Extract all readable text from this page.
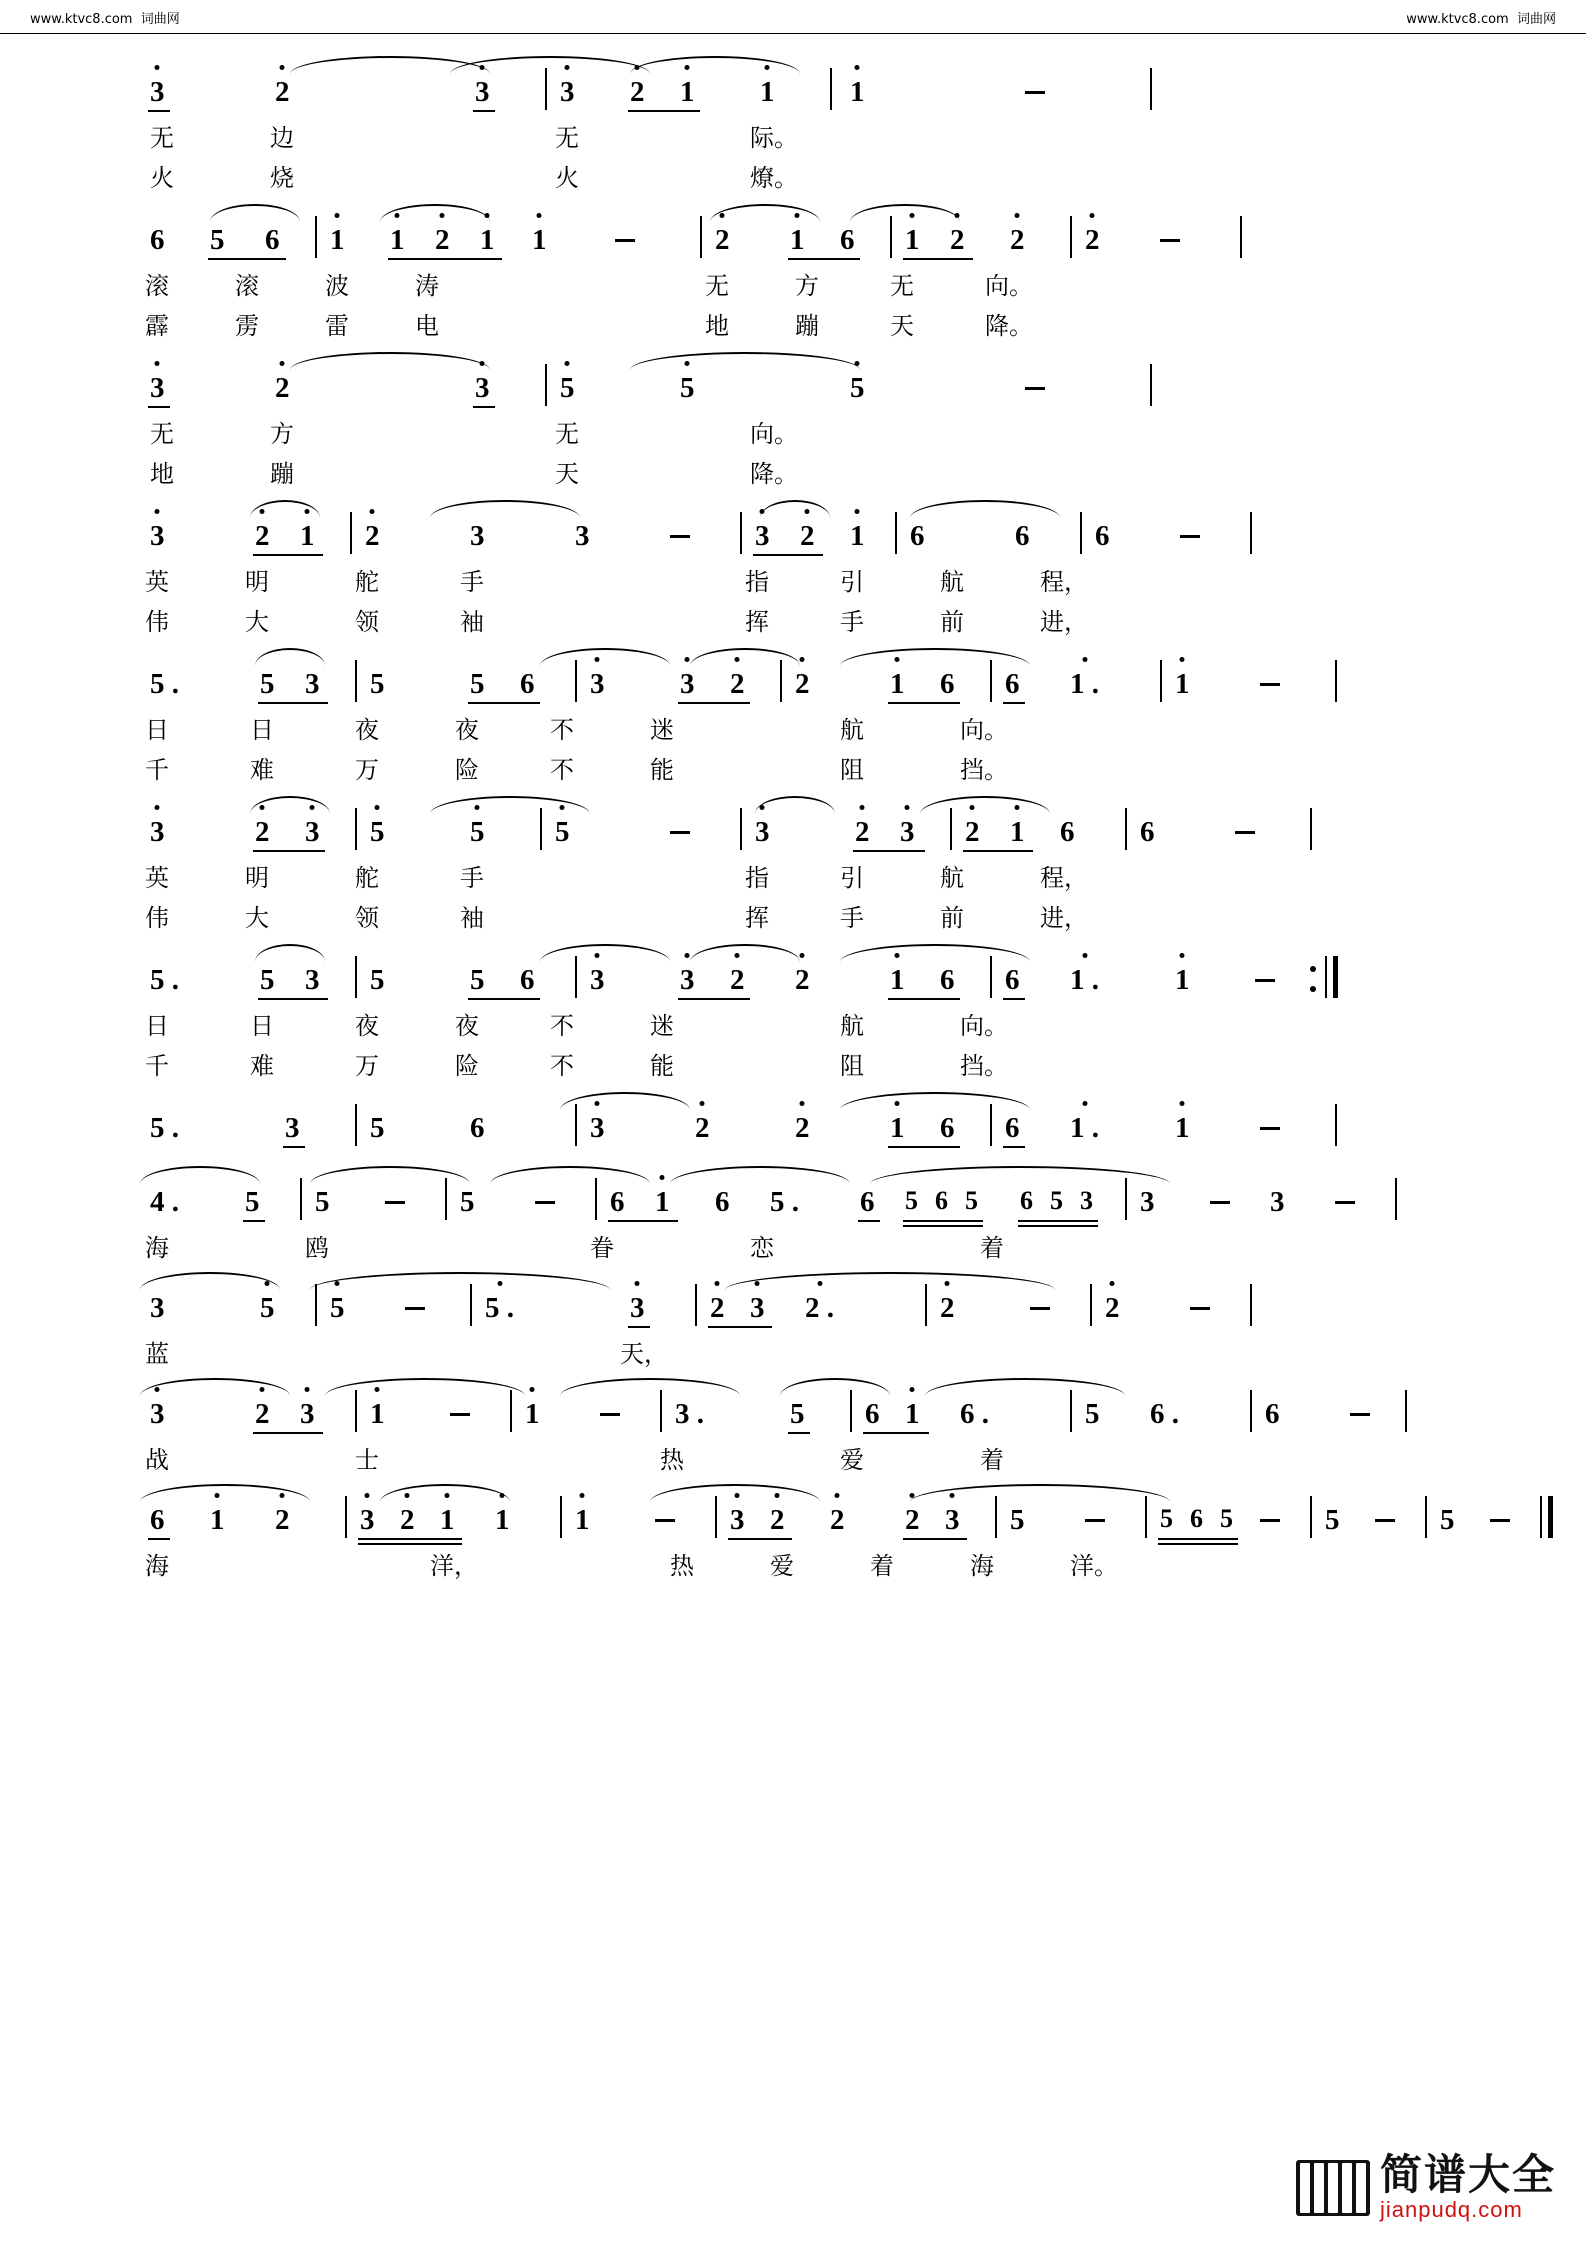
www.ktvc8.com 词曲网	www.ktvc8.com 词曲网
3	2	3 3 2 1 1	1
无	边	无	际。
火	烧	火	燎。
6 5 6 1 1 2 1 1	2 1 6 1 2 2 2
滚	滚	波	涛	无	方	无	向。
霹	雳	雷	电	地	蹦	天	降。
3	2	3 5	5	5
无	方	无	向。
地	蹦	天	降。
3	2 1 2	3	3	3 2 1 6	6 6
英	明	舵	手	指	引	航	程，
伟	大	领	袖	挥	手	前	进，
5 .	5 3 5	5 6 3	3 2 2	1 6 6 1 .	1
日	日	夜	夜	不	迷	航	向。
千	难	万	险	不	能	阻	挡。
3	2 3 5	5 5	3	2 3 2 1 6 6
英	明	舵	手	指	引	航	程，
伟	大	领	袖	挥	手	前	进，
5 .	5 3 5	5 6 3	3 2 2	1 6 6 1 .	1
日	日	夜	夜	不	迷	航	向。
千	难	万	险	不	能	阻	挡。
5 .	3 5	6	3	2	2	1 6 6 1 .	1
4 . 5 5	5	6 1 6 5 . 6 5 6 5 6 5 3 3	3
海	鸥	眷	恋	着
3	5 5	5 .	3 2 3 2 .	2	2
蓝	天，
3	2 3 1	1	3 .	5 6 1 6 .	5 6 .	6
战	士	热	爱	着
6 1 2 3 2 1 1 1	3 2 2 2 3 5	5 6 5	5	5
海	洋，	热	爱	着	海	洋。
简谱大全
jianpudq.com
